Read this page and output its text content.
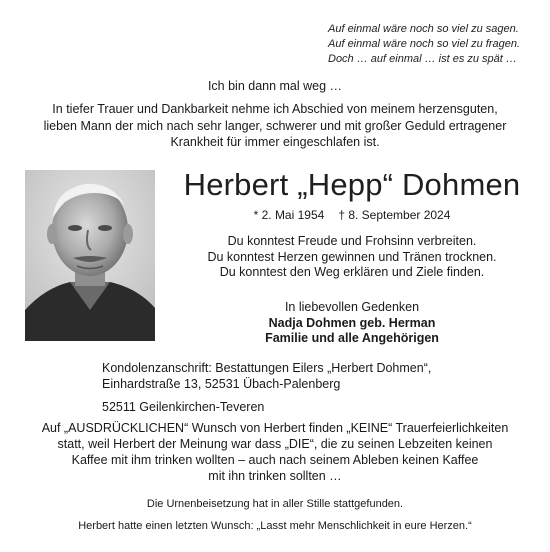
Auf einmal wäre noch so viel zu sagen.
Auf einmal wäre noch so viel zu fragen.
Doch … auf einmal … ist es zu spät …
Ich bin dann mal weg …
In tiefer Trauer und Dankbarkeit nehme ich Abschied von meinem herzensguten,
lieben Mann der mich nach sehr langer, schwerer und mit großer Geduld ertragener
Krankheit für immer eingeschlafen ist.
Herbert „Hepp“ Dohmen
* 2. Mai 1954 † 8. September 2024
Du konntest Freude und Frohsinn verbreiten.
Du konntest Herzen gewinnen und Tränen trocknen.
Du konntest den Weg erklären und Ziele finden.
In liebevollen Gedenken
Nadja Dohmen geb. Herman
Familie und alle Angehörigen
Kondolenzanschrift: Bestattungen Eilers „Herbert Dohmen“,
Einhardstraße 13, 52531 Übach-Palenberg
52511 Geilenkirchen-Teveren
Auf „AUSDRÜCKLICHEN“ Wunsch von Herbert finden „KEINE“ Trauerfeierlichkeiten
statt, weil Herbert der Meinung war dass „DIE“, die zu seinen Lebzeiten keinen
Kaffee mit ihm trinken wollten – auch nach seinem Ableben keinen Kaffee
mit ihn trinken sollten …
Die Urnenbeisetzung hat in aller Stille stattgefunden.
Herbert hatte einen letzten Wunsch: „Lasst mehr Menschlichkeit in eure Herzen.“
